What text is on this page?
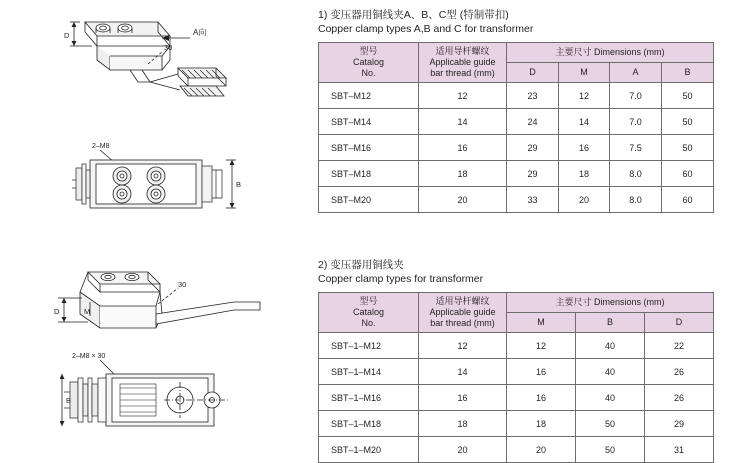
A向
30
D
2–M8
B
30
D	M
2–M8 × 30
B
1) 变压器用铜线夹A、B、C型 (特制带扣)
Copper clamp types A,B and C for transformer
型号
Catalog
No.	适用导杆螺纹
Applicable guide
bar thread (mm)	主要尺寸 Dimensions (mm)			
		D	M	A	B
SBT–M12	12	23	12	7.0	50
SBT–M14	14	24	14	7.0	50
SBT–M16	16	29	16	7.5	50
SBT–M18	18	29	18	8.0	60
SBT–M20	20	33	20	8.0	60
2) 变压器用铜线夹
Copper clamp types for transformer
型号
Catalog
No.	适用导杆螺纹
Applicable guide
bar thread (mm)	主要尺寸 Dimensions (mm)		
		M	B	D
SBT–1–M12	12	12	40	22
SBT–1–M14	14	16	40	26
SBT–1–M16	16	16	40	26
SBT–1–M18	18	18	50	29
SBT–1–M20	20	20	50	31
